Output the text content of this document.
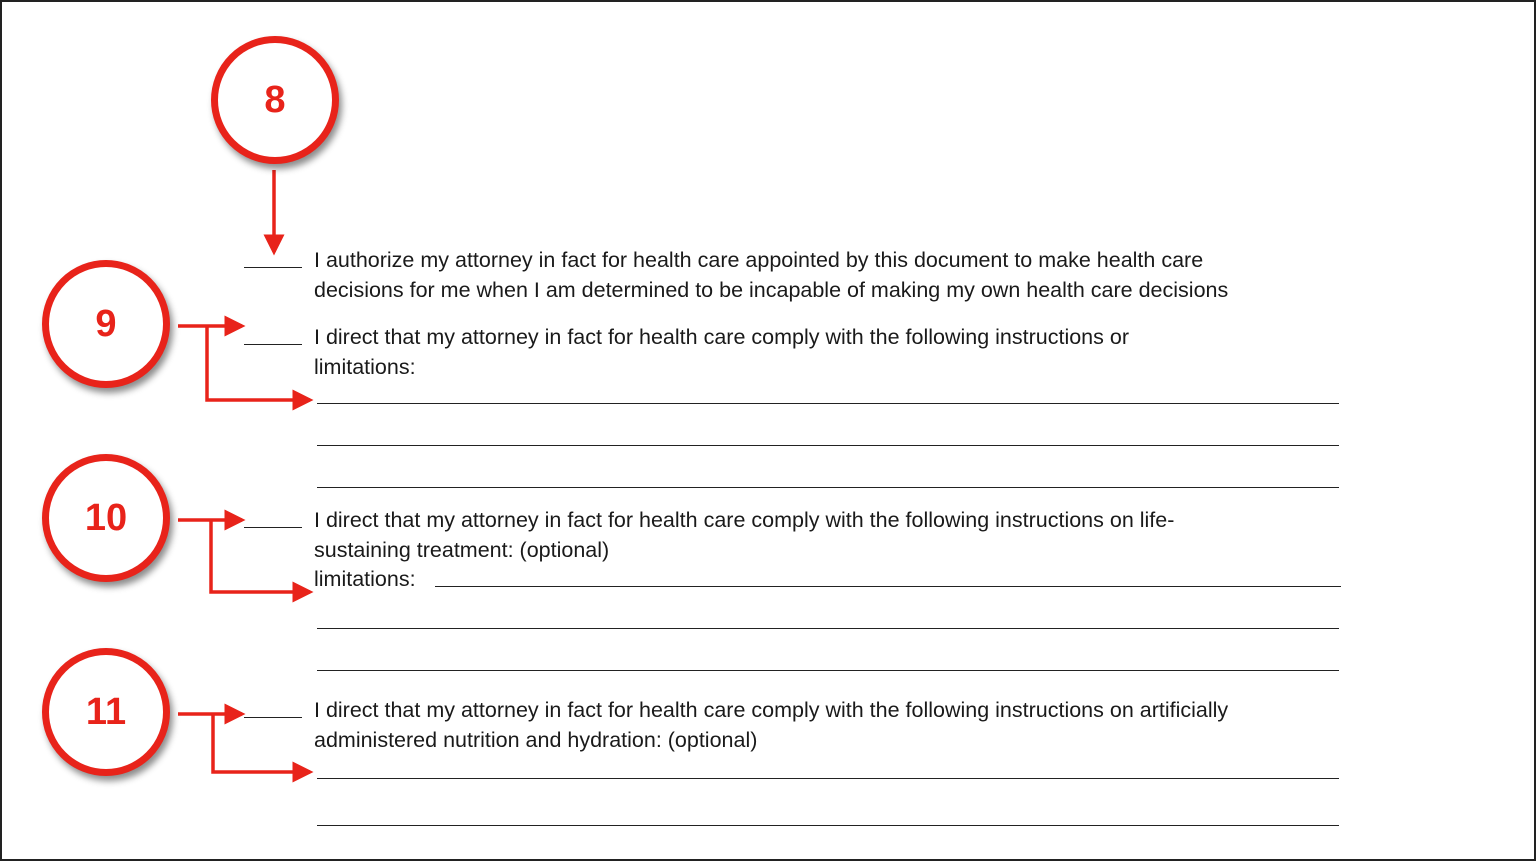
8
9
10
11
I authorize my attorney in fact for health care appointed by this document to make health care
decisions for me when I am determined to be incapable of making my own health care decisions
I direct that my attorney in fact for health care comply with the following instructions or
limitations:
I direct that my attorney in fact for health care comply with the following instructions on life-
sustaining treatment: (optional)
limitations:
I direct that my attorney in fact for health care comply with the following instructions on artificially
administered nutrition and hydration: (optional)
